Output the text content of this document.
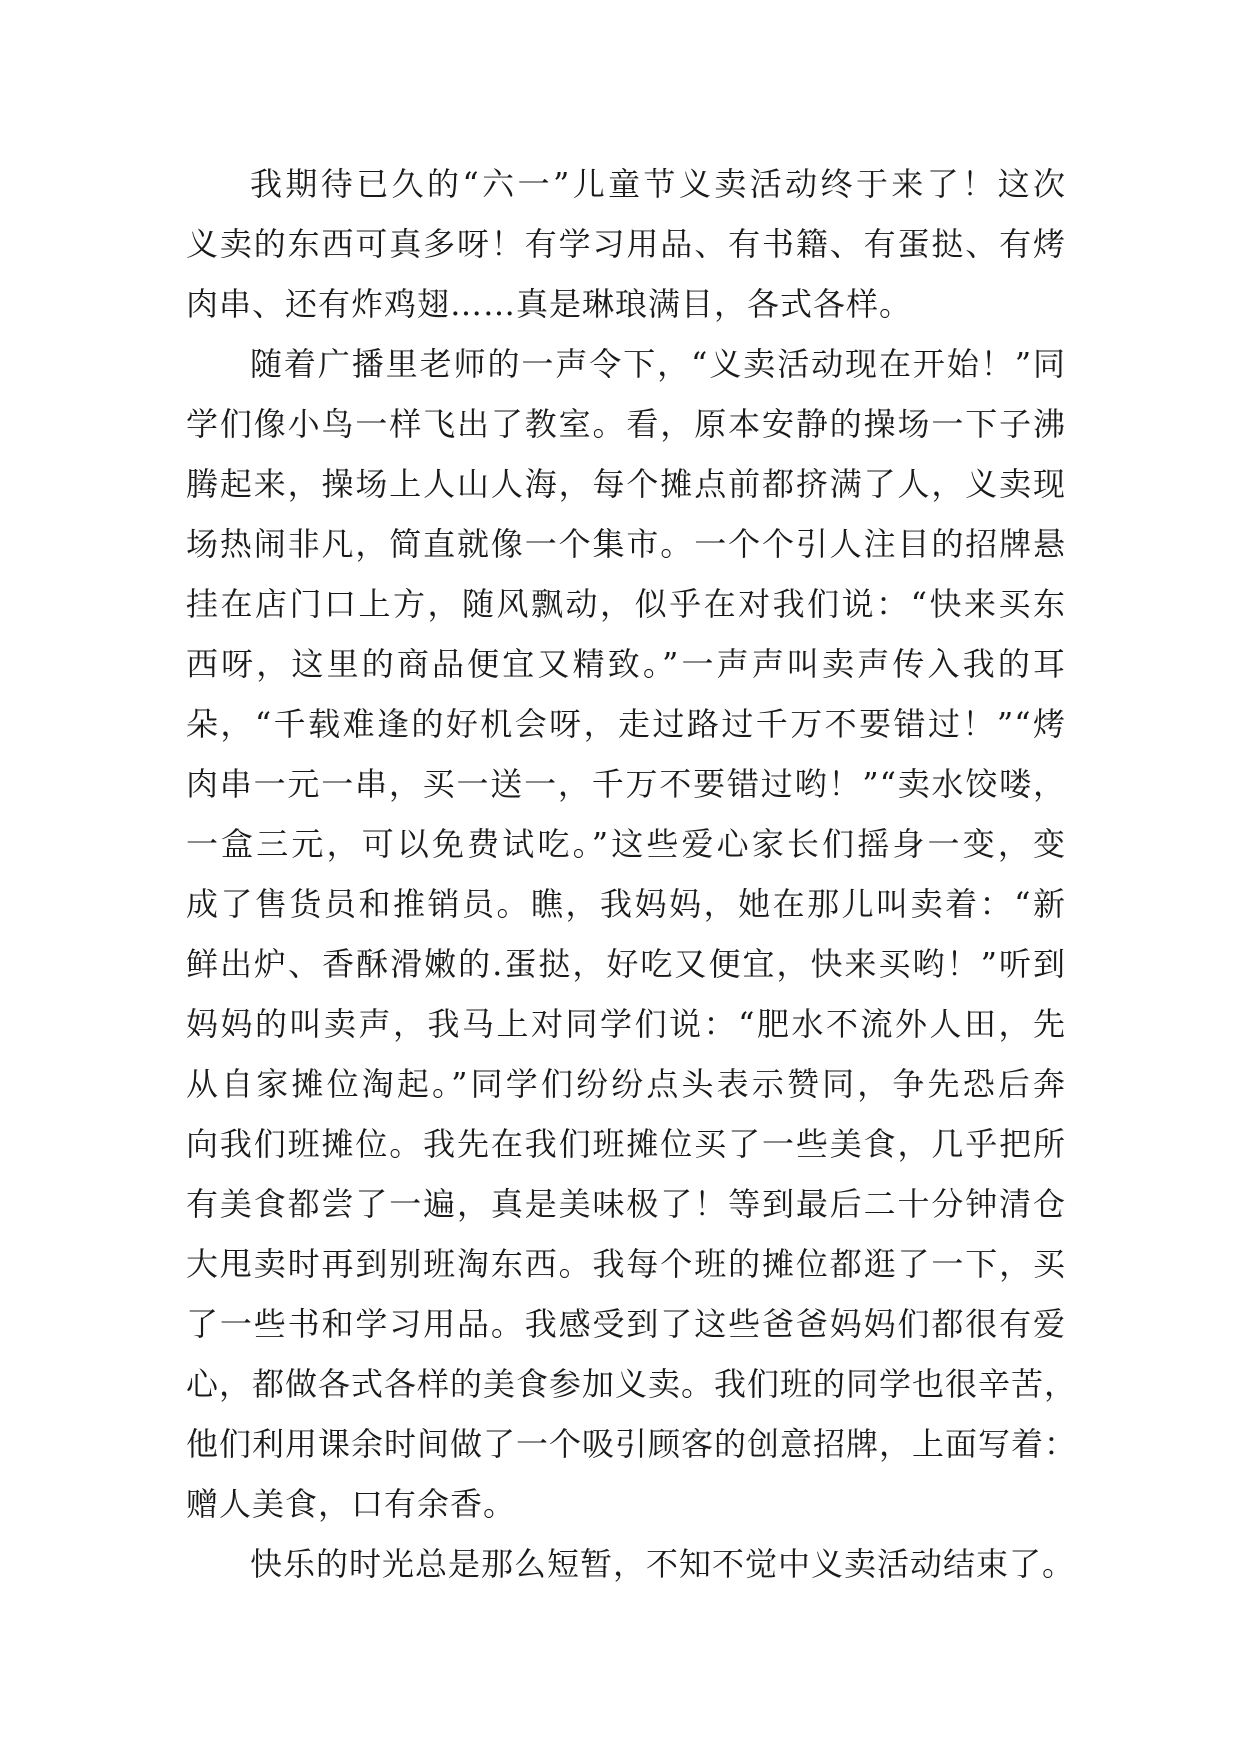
我期待已久的“六一”儿童节义卖活动终于来了！这次
义卖的东西可真多呀！有学习用品、有书籍、有蛋挞、有烤
肉串、还有炸鸡翅……真是琳琅满目，各式各样。
随着广播里老师的一声令下，“义卖活动现在开始！”同
学们像小鸟一样飞出了教室。看，原本安静的操场一下子沸
腾起来，操场上人山人海，每个摊点前都挤满了人，义卖现
场热闹非凡，简直就像一个集市。一个个引人注目的招牌悬
挂在店门口上方，随风飘动，似乎在对我们说：“快来买东
西呀，这里的商品便宜又精致。”一声声叫卖声传入我的耳
朵，“千载难逢的好机会呀，走过路过千万不要错过！”“烤
肉串一元一串，买一送一，千万不要错过哟！”“卖水饺喽，
一盒三元，可以免费试吃。”这些爱心家长们摇身一变，变
成了售货员和推销员。瞧，我妈妈，她在那儿叫卖着：“新
鲜出炉、香酥滑嫩的.蛋挞，好吃又便宜，快来买哟！”听到
妈妈的叫卖声，我马上对同学们说：“肥水不流外人田，先
从自家摊位淘起。”同学们纷纷点头表示赞同，争先恐后奔
向我们班摊位。我先在我们班摊位买了一些美食，几乎把所
有美食都尝了一遍，真是美味极了！等到最后二十分钟清仓
大甩卖时再到别班淘东西。我每个班的摊位都逛了一下，买
了一些书和学习用品。我感受到了这些爸爸妈妈们都很有爱
心，都做各式各样的美食参加义卖。我们班的同学也很辛苦，
他们利用课余时间做了一个吸引顾客的创意招牌，上面写着：
赠人美食，口有余香。
快乐的时光总是那么短暂，不知不觉中义卖活动结束了。
